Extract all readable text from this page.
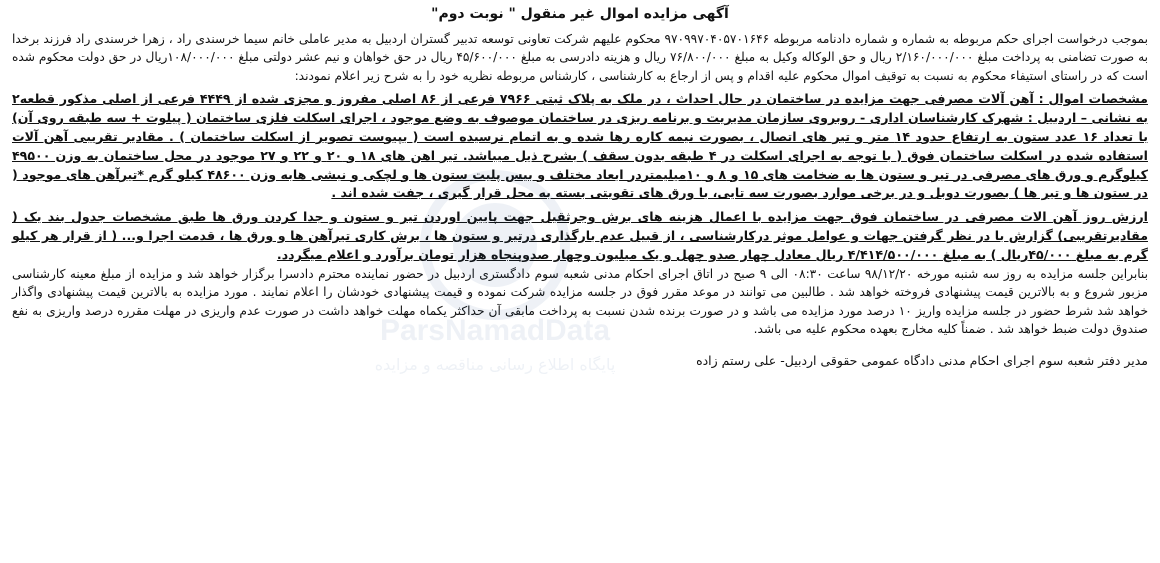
آگهی مزایده اموال غیر منقول " نوبت دوم"

بموجب درخواست اجرای حکم مربوطه به شماره و شماره دادنامه مربوطه ۹۷۰۹۹۷۰۴۰۵۷۰۱۶۴۶ محکوم علیهم شرکت تعاونی توسعه تدبیر گستران اردبیل به مدیر عاملی خانم سیما خرسندی راد ، زهرا خرسندی راد فرزند برخدا به صورت تضامنی به پرداخت مبلغ ۲/۱۶۰/۰۰۰/۰۰۰ ریال و حق الوکاله وکیل به مبلغ ۷۶/۸۰۰/۰۰۰ ریال و هزینه دادرسی به مبلغ ۴۵/۶۰۰/۰۰۰ ریال در حق خواهان و نیم عشر دولتی مبلغ ۱۰۸/۰۰۰/۰۰۰ریال در حق دولت محکوم شده است که در راستای استیفاء محکوم به نسبت به توقیف اموال محکوم علیه اقدام و پس از ارجاع به کارشناسی ، کارشناس مربوطه نظریه خود را به شرح زیر اعلام نمودند:

مشخصات اموال : آهن آلات مصرفی جهت مزایده در ساختمان در حال احداث ، در ملک به پلاک ثبتی ۷۹۶۶ فرعی از ۸۶ اصلی مفروز و مجزی شده از ۴۴۴۹ فرعی از اصلی مذکور قطعه۲ به نشانی – اردبیل : شهرک کارشناسان اداری - روبروی سازمان مدیریت و برنامه ریزی در ساختمان موصوف به وضع موجود ، اجرای اسکلت فلزی ساختمان ( پیلوت + سه طبقه روی آن) با تعداد ۱۶ عدد ستون به ارتفاع حدود ۱۴ متر و تیر های اتصال ، بصورت نیمه کاره رها شده و به اتمام نرسیده است ( بپیوست تصویر از اسکلت ساختمان ) . مقادیر تقریبی آهن آلات استفاده شده در اسکلت ساختمان فوق ( با توجه به اجرای اسکلت در ۴ طبقه بدون سقف ) بشرح ذیل میباشد. تیر اهن های ۱۸ و ۲۰ و ۲۲ و ۲۷ موجود در محل ساختمان به وزن ۴۹۵۰۰ کیلوگرم و ورق های مصرفی در تیر و ستون ها به ضخامت های ۱۵ و ۸ و ۱۰میلیمتردر ابعاد مختلف و بیس پلیت ستون ها و لچکی و نبشی هابه وزن ۴۸۶۰۰ کیلو گرم *تیرآهن های موجود ( در ستون ها و تیر ها ) بصورت دوبل و در برخی موارد بصورت سه تایی، با ورق های تقویتی بسته به محل قرار گیری ، جفت شده اند .

ارزش روز آهن الات مصرفی در ساختمان فوق جهت مزایده با اعمال هزینه های برش وجرثقیل جهت پایین اوردن تیر و ستون و جدا کردن ورق ها طبق مشخصات جدول بند یک ( مقادیرتقریبی) گزارش با در نظر گرفتن جهات و عوامل موثر درکارشناسی ، از قبیل عدم بارگذاری درتیر و ستون ها ، برش کاری تیرآهن ها و ورق ها ، قدمت اجرا و... ( از قرار هر کیلو گرم به مبلغ ۴۵/۰۰۰ریال ) به مبلغ ۴/۴۱۴/۵۰۰/۰۰۰ ریال معادل چهار صدو چهل و یک میلیون وچهار صدوپنجاه هزار تومان برآورد و اعلام میگردد.

بنابراین جلسه مزایده به روز سه شنبه مورخه ۹۸/۱۲/۲۰ ساعت ۰۸:۳۰ الی ۹ صبح در اتاق اجرای احکام مدنی شعبه سوم دادگستری اردبیل در حضور نماینده محترم دادسرا برگزار خواهد شد و مزایده از مبلغ معینه کارشناسی مزبور شروع و به بالاترین قیمت پیشنهادی فروخته خواهد شد . طالبین می توانند در موعد مقرر فوق در جلسه مزایده شرکت نموده و قیمت پیشنهادی خودشان را اعلام نمایند . مورد مزایده به بالاترین قیمت پیشنهادی واگذار خواهد شد شرط حضور در جلسه مزایده واریز ۱۰ درصد مورد مزایده می باشد و در صورت برنده شدن نسبت به پرداخت مابقی آن حداکثر یکماه مهلت خواهد داشت در صورت عدم واریزی در مهلت مقرره درصد واریزی به نفع صندوق دولت ضبط خواهد شد . ضمناً کلیه مخارج بعهده محکوم علیه می باشد.

مدیر دفتر شعبه سوم اجرای احکام مدنی دادگاه عمومی حقوقی اردبیل- علی رستم زاده

ParsNamadData
پایگاه اطلاع رسانی مناقصه و مزایده
